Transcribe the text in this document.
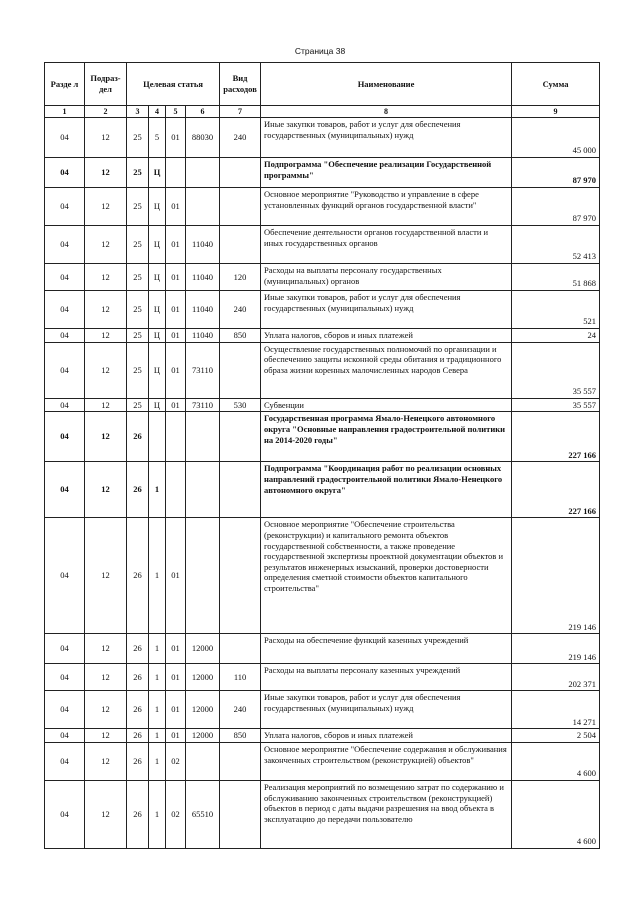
Страница 38
Разде л	Подраз- дел	Целевая статья				Вид расходов	Наименование	Сумма
1	2	3	4	5	6	7	8	9
04	12	25	5	01	88030	240	Иные закупки товаров, работ и услуг для обеспечения государственных (муниципальных) нужд	45 000
04	12	25	Ц				Подпрограмма "Обеспечение реализации Государственной программы"	87 970
04	12	25	Ц	01			Основное мероприятие "Руководство и управление в сфере установленных функций органов государственной власти"	87 970
04	12	25	Ц	01	11040		Обеспечение деятельности органов государственной власти и иных государственных органов	52 413
04	12	25	Ц	01	11040	120	Расходы на выплаты персоналу государственных (муниципальных) органов	51 868
04	12	25	Ц	01	11040	240	Иные закупки товаров, работ и услуг для обеспечения государственных (муниципальных) нужд	521
04	12	25	Ц	01	11040	850	Уплата налогов, сборов и иных платежей	24
04	12	25	Ц	01	73110		Осуществление государственных полномочий по организации и обеспечению защиты исконной среды обитания и традиционного образа жизни коренных малочисленных народов Севера	35 557
04	12	25	Ц	01	73110	530	Субвенции	35 557
04	12	26					Государственная программа Ямало-Ненецкого автономного округа "Основные направления градостроительной политики на 2014-2020 годы"	227 166
04	12	26	1				Подпрограмма "Координация работ по реализации основных направлений градостроительной политики Ямало-Ненецкого автономного округа"	227 166
04	12	26	1	01			Основное мероприятие "Обеспечение строительства (реконструкции) и капитального ремонта объектов государственной собственности, а также проведение государственной экспертизы проектной документации объектов и результатов инженерных изысканий, проверки достоверности определения сметной стоимости объектов капитального строительства"	219 146
04	12	26	1	01	12000		Расходы на обеспечение функций казенных учреждений	219 146
04	12	26	1	01	12000	110	Расходы на выплаты персоналу казенных учреждений	202 371
04	12	26	1	01	12000	240	Иные закупки товаров, работ и услуг для обеспечения государственных (муниципальных) нужд	14 271
04	12	26	1	01	12000	850	Уплата налогов, сборов и иных платежей	2 504
04	12	26	1	02			Основное мероприятие "Обеспечение содержания и обслуживания законченных строительством (реконструкцией) объектов"	4 600
04	12	26	1	02	65510		Реализация мероприятий по возмещению затрат по содержанию и обслуживанию законченных строительством (реконструкцией) объектов в период с даты выдачи разрешения на ввод объекта в эксплуатацию до передачи пользователю	4 600
